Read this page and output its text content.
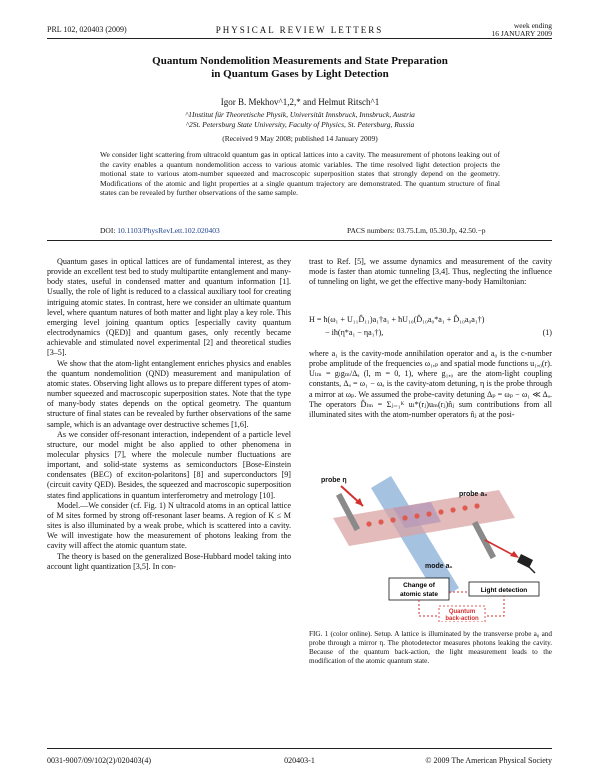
PRL 102, 020403 (2009)	PHYSICAL REVIEW LETTERS	week ending
16 JANUARY 2009
Quantum Nondemolition Measurements and State Preparation
in Quantum Gases by Light Detection
Igor B. Mekhov^1,2,* and Helmut Ritsch^1
^1Institut für Theoretische Physik, Universität Innsbruck, Innsbruck, Austria
^2St. Petersburg State University, Faculty of Physics, St. Petersburg, Russia
(Received 9 May 2008; published 14 January 2009)
We consider light scattering from ultracold quantum gas in optical lattices into a cavity. The measurement of photons leaking out of the cavity enables a quantum nondemolition access to various atomic variables. The time resolved light detection projects the motional state to various atom-number squeezed and macroscopic superposition states that strongly depend on the geometry. Modifications of the atomic and light properties at a single quantum trajectory are demonstrated. The quantum structure of final states can be revealed by further observations of the same sample.
DOI: 10.1103/PhysRevLett.102.020403	PACS numbers: 03.75.Lm, 05.30.Jp, 42.50.−p

Quantum gases in optical lattices are of fundamental interest, as they provide an excellent test bed to study multipartite entanglement and many-body states, useful in condensed matter and quantum information [1]. Usually, the role of light is reduced to a classical auxiliary tool for creating intriguing atomic states. In contrast, here we consider an ultimate quantum level, where quantum natures of both matter and light play a key role. This emerging level joining quantum optics [especially cavity quantum electrodynamics (QED)] and quantum gases, only recently became achievable and stimulated novel experimental [2] and theoretical studies [3–5].

We show that the atom-light entanglement enriches physics and enables the quantum nondemolition (QND) measurement and manipulation of atomic states. Observing light allows us to prepare different types of atom-number squeezed and macroscopic superposition states. Note that the type of many-body states depends on the optical geometry. The quantum structure of final states can be revealed by further observations of the same sample, which is an advantage over destructive schemes [1,6].

As we consider off-resonant interaction, independent of a particle level structure, our model might be also applied to other phenomena in molecular physics [7], where the molecule number fluctuations are important, and solid-state systems as semiconductors [Bose-Einstein condensates (BEC) of exciton-polaritons] [8] and superconductors [9] (circuit cavity QED). Besides, the squeezed and macroscopic superposition states find applications in quantum interferometry and metrology [10].

Model.—We consider (cf. Fig. 1) N ultracold atoms in an optical lattice of M sites formed by strong off-resonant laser beams. A region of K ≤ M sites is also illuminated by a weak probe, which is scattered into a cavity. We will investigate how the measurement of photons leaking from the cavity will affect the atomic quantum state.

The theory is based on the generalized Bose-Hubbard model taking into account light quantization [3,5]. In con-

trast to Ref. [5], we assume dynamics and measurement of the cavity mode is faster than atomic tunneling [3,4]. Thus, neglecting the influence of tunneling on light, we get the effective many-body Hamiltonian:
H = ħ(ω₁ + U₁₁D̂₁₁)a₁†a₁ + ħU₁₀(D̂₁₀a₀*a₁ + D̂₁₀a₀a₁†)
− iħ(η*a₁ − ηa₁†),	(1)
where a₁ is the cavity-mode annihilation operator and a₀ is the c-number probe amplitude of the frequencies ω₁,ₚ and spatial mode functions u₁,₀(r). Uₗₘ = gₗgₘ/Δₐ (l, m = 0, 1), where g₁,₀ are the atom-light coupling constants, Δₐ = ω₁ − ωₐ is the cavity-atom detuning, η is the probe through a mirror at ωₚ. We assumed the probe-cavity detuning Δₚ = ωₚ − ω₁ ≪ Δₐ. The operators D̂ₗₘ = Σⱼ₌₁ᴷ uₗ*(rⱼ)uₘ(rⱼ)n̂ⱼ sum contributions from all illuminated sites with the atom-number operators n̂ⱼ at the posi-
probe η
probe a₀
mode a₁
Change of
atomic state
Light detection
Quantum
back-action
FIG. 1 (color online). Setup. A lattice is illuminated by the transverse probe a₀ and probe through a mirror η. The photodetector measures photons leaking the cavity. Because of the quantum back-action, the light measurement leads to the modification of the atomic quantum state.
0031-9007/09/102(2)/020403(4)	020403-1	© 2009 The American Physical Society
